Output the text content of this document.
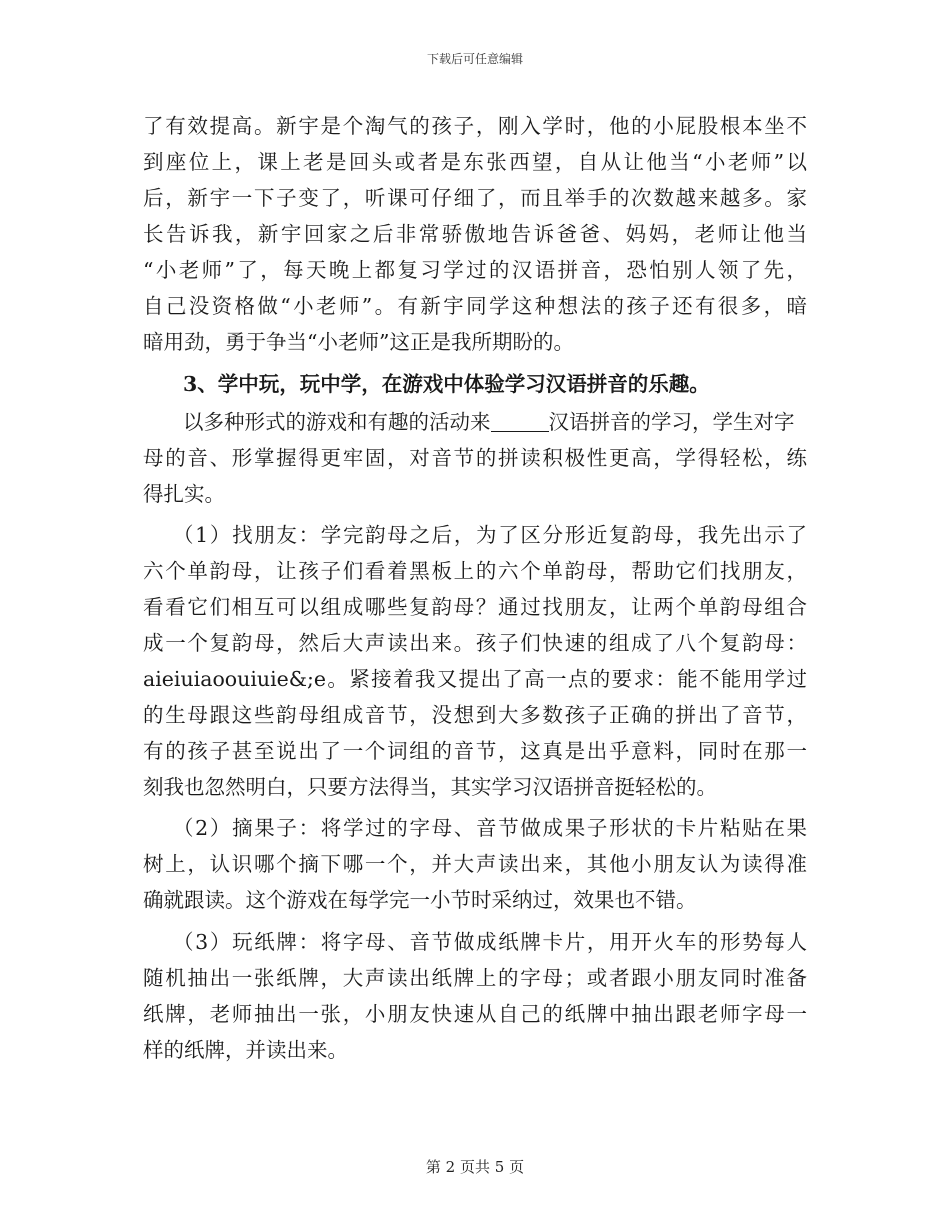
下载后可任意编辑
了有效提高。新宇是个淘气的孩子，刚入学时，他的小屁股根本坐不
到座位上，课上老是回头或者是东张西望，自从让他当“小老师”以
后，新宇一下子变了，听课可仔细了，而且举手的次数越来越多。家
长告诉我，新宇回家之后非常骄傲地告诉爸爸、妈妈，老师让他当
“小老师”了，每天晚上都复习学过的汉语拼音，恐怕别人领了先，
自己没资格做“小老师”。有新宇同学这种想法的孩子还有很多，暗
暗用劲，勇于争当“小老师”这正是我所期盼的。
3、学中玩，玩中学，在游戏中体验学习汉语拼音的乐趣。
以多种形式的游戏和有趣的活动来	汉语拼音的学习，学生对字
母的音、形掌握得更牢固，对音节的拼读积极性更高，学得轻松，练
得扎实。
（1）找朋友：学完韵母之后，为了区分形近复韵母，我先出示了
六个单韵母，让孩子们看着黑板上的六个单韵母，帮助它们找朋友，
看看它们相互可以组成哪些复韵母？通过找朋友，让两个单韵母组合
成一个复韵母，然后大声读出来。孩子们快速的组成了八个复韵母：
aieiuiaoouiuie&;e。紧接着我又提出了高一点的要求：能不能用学过
的生母跟这些韵母组成音节，没想到大多数孩子正确的拼出了音节，
有的孩子甚至说出了一个词组的音节，这真是出乎意料，同时在那一
刻我也忽然明白，只要方法得当，其实学习汉语拼音挺轻松的。
（2）摘果子：将学过的字母、音节做成果子形状的卡片粘贴在果
树上，认识哪个摘下哪一个，并大声读出来，其他小朋友认为读得准
确就跟读。这个游戏在每学完一小节时采纳过，效果也不错。
（3）玩纸牌：将字母、音节做成纸牌卡片，用开火车的形势每人
随机抽出一张纸牌，大声读出纸牌上的字母；或者跟小朋友同时准备
纸牌，老师抽出一张，小朋友快速从自己的纸牌中抽出跟老师字母一
样的纸牌，并读出来。
第 2 页共 5 页
